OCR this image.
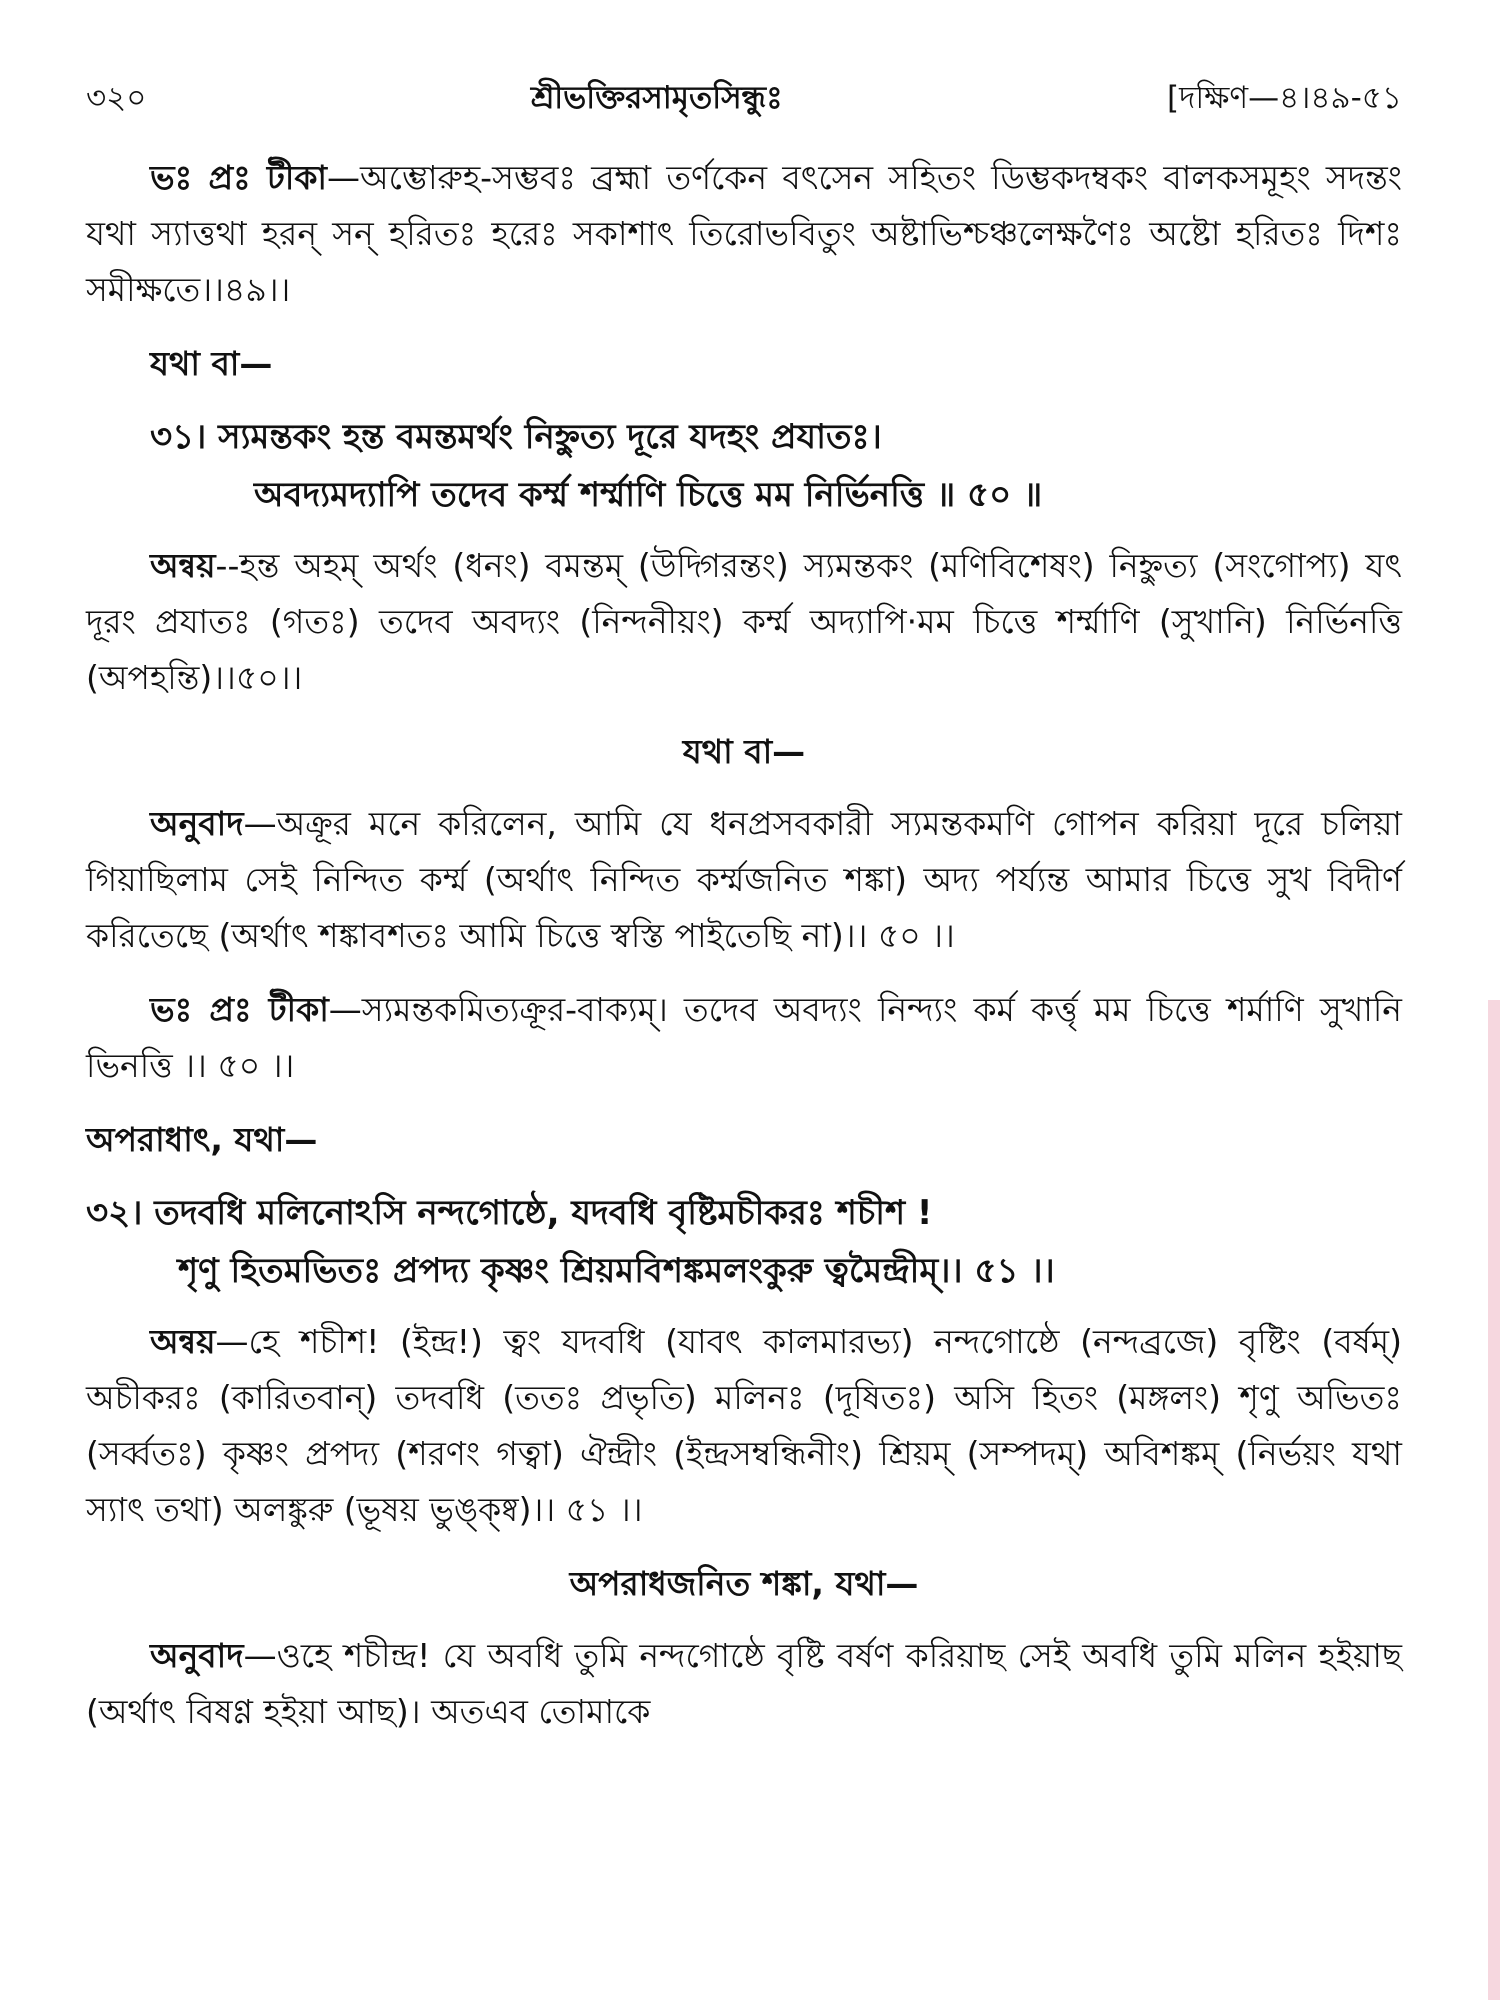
৩২০	শ্রীভক্তিরসামৃতসিন্ধুঃ	[দক্ষিণ—৪।৪৯-৫১

ভঃ প্রঃ টীকা—অম্ভোরুহ-সম্ভবঃ ব্রহ্মা তর্ণকেন বৎসেন সহিতং ডিম্ভকদম্বকং বালকসমূহং সদন্তং যথা স্যাত্তথা হরন্ সন্ হরিতঃ হরেঃ সকাশাৎ তিরোভবিতুং অষ্টাভিশ্চঞ্চলেক্ষণৈঃ অষ্টো হরিতঃ দিশঃ সমীক্ষতে।।৪৯।।

যথা বা—

৩১। স্যমন্তকং হন্ত বমন্তমর্থং নিহ্নুত্য দূরে যদহং প্রযাতঃ।
অবদ্যমদ্যাপি তদেব কর্ম্ম শর্ম্মাণি চিত্তে মম নির্ভিনত্তি ॥ ৫০ ॥

অন্বয়--হন্ত অহম্ অর্থং (ধনং) বমন্তম্ (উদ্গিরন্তং) স্যমন্তকং (মণিবিশেষং) নিহ্নুত্য (সংগোপ্য) যৎ দূরং প্রযাতঃ (গতঃ) তদেব অবদ্যং (নিন্দনীয়ং) কর্ম্ম অদ্যাপি·মম চিত্তে শর্ম্মাণি (সুখানি) নির্ভিনত্তি (অপহন্তি)।।৫০।।

যথা বা—

অনুবাদ—অক্রূর মনে করিলেন, আমি যে ধনপ্রসবকারী স্যমন্তকমণি গোপন করিয়া দূরে চলিয়া গিয়াছিলাম সেই নিন্দিত কর্ম্ম (অর্থাৎ নিন্দিত কর্ম্মজনিত শঙ্কা) অদ্য পর্য্যন্ত আমার চিত্তে সুখ বিদীর্ণ করিতেছে (অর্থাৎ শঙ্কাবশতঃ আমি চিত্তে স্বস্তি পাইতেছি না)।। ৫০ ।।

ভঃ প্রঃ টীকা—স্যমন্তকমিত্যক্রূর-বাক্যম্। তদেব অবদ্যং নিন্দ্যং কর্ম কর্ত্তৃ মম চিত্তে শর্মাণি সুখানি ভিনত্তি ।। ৫০ ।।

অপরাধাৎ, যথা—

৩২। তদবধি মলিনোঽসি নন্দগোষ্ঠে, যদবধি বৃষ্টিমচীকরঃ শচীশ !
শৃণু হিতমভিতঃ প্রপদ্য কৃষ্ণং শ্রিয়মবিশঙ্কমলংকুরু ত্বমৈন্দ্রীম্।। ৫১ ।।

অন্বয়—হে শচীশ! (ইন্দ্র!) ত্বং যদবধি (যাবৎ কালমারভ্য) নন্দগোষ্ঠে (নন্দব্রজে) বৃষ্টিং (বর্ষম্) অচীকরঃ (কারিতবান্) তদবধি (ততঃ প্রভৃতি) মলিনঃ (দূষিতঃ) অসি হিতং (মঙ্গলং) শৃণু অভিতঃ (সর্ব্বতঃ) কৃষ্ণং প্রপদ্য (শরণং গত্বা) ঐন্দ্রীং (ইন্দ্রসম্বন্ধিনীং) শ্রিয়ম্ (সম্পদম্) অবিশঙ্কম্ (নির্ভয়ং যথা স্যাৎ তথা) অলঙ্কুরু (ভূষয় ভুঙ্ক্ষ্ব)।। ৫১ ।।

অপরাধজনিত শঙ্কা, যথা—

অনুবাদ—ওহে শচীন্দ্র! যে অবধি তুমি নন্দগোষ্ঠে বৃষ্টি বর্ষণ করিয়াছ সেই অবধি তুমি মলিন হইয়াছ (অর্থাৎ বিষণ্ণ হইয়া আছ)। অতএব তোমাকে
